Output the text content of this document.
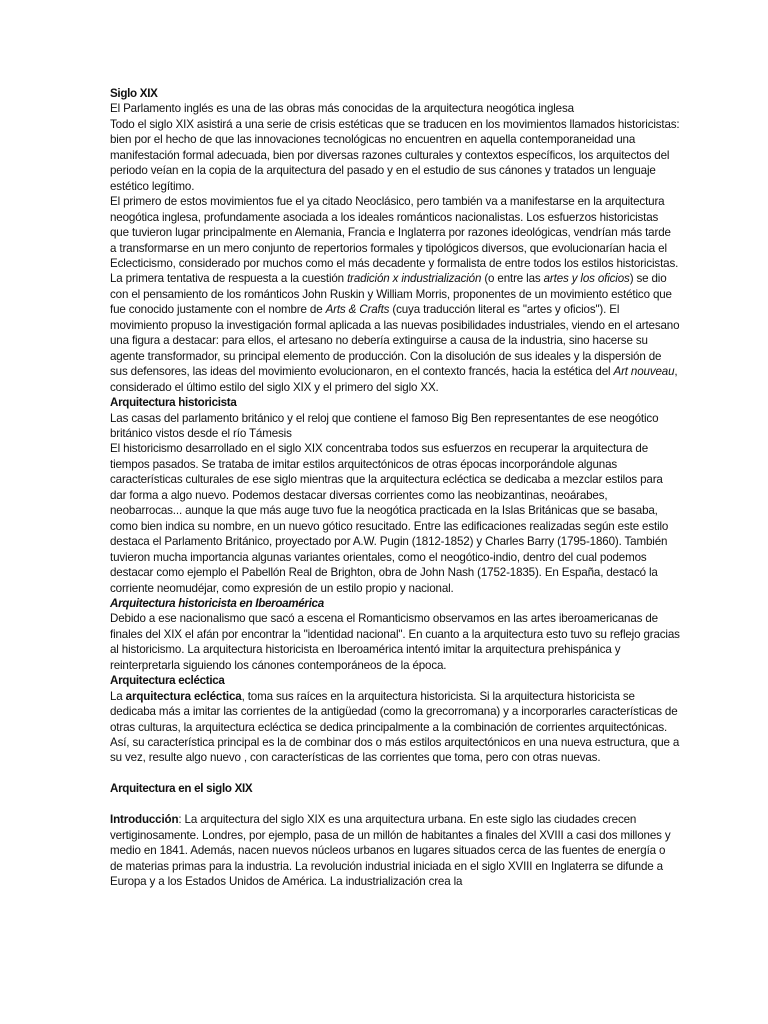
Siglo XIX

El Parlamento inglés es una de las obras más conocidas de la arquitectura neogótica inglesa

Todo el siglo XIX asistirá a una serie de crisis estéticas que se traducen en los movimientos llamados historicistas: bien por el hecho de que las innovaciones tecnológicas no encuentren en aquella contemporaneidad una manifestación formal adecuada, bien por diversas razones culturales y contextos específicos, los arquitectos del periodo veían en la copia de la arquitectura del pasado y en el estudio de sus cánones y tratados un lenguaje estético legítimo.

El primero de estos movimientos fue el ya citado Neoclásico, pero también va a manifestarse en la arquitectura neogótica inglesa, profundamente asociada a los ideales románticos nacionalistas. Los esfuerzos historicistas que tuvieron lugar principalmente en Alemania, Francia e Inglaterra por razones ideológicas, vendrían más tarde a transformarse en un mero conjunto de repertorios formales y tipológicos diversos, que evolucionarían hacia el Eclecticismo, considerado por muchos como el más decadente y formalista de entre todos los estilos historicistas.

La primera tentativa de respuesta a la cuestión tradición x industrialización (o entre las artes y los oficios) se dio con el pensamiento de los románticos John Ruskin y William Morris, proponentes de un movimiento estético que fue conocido justamente con el nombre de Arts & Crafts (cuya traducción literal es "artes y oficios"). El movimiento propuso la investigación formal aplicada a las nuevas posibilidades industriales, viendo en el artesano una figura a destacar: para ellos, el artesano no debería extinguirse a causa de la industria, sino hacerse su agente transformador, su principal elemento de producción. Con la disolución de sus ideales y la dispersión de sus defensores, las ideas del movimiento evolucionaron, en el contexto francés, hacia la estética del Art nouveau, considerado el último estilo del siglo XIX y el primero del siglo XX.

Arquitectura historicista

Las casas del parlamento británico y el reloj que contiene el famoso Big Ben representantes de ese neogótico británico vistos desde el río Támesis

El historicismo desarrollado en el siglo XIX concentraba todos sus esfuerzos en recuperar la arquitectura de tiempos pasados. Se trataba de imitar estilos arquitectónicos de otras épocas incorporándole algunas características culturales de ese siglo mientras que la arquitectura ecléctica se dedicaba a mezclar estilos para dar forma a algo nuevo. Podemos destacar diversas corrientes como las neobizantinas, neoárabes, neobarrocas... aunque la que más auge tuvo fue la neogótica practicada en la Islas Británicas que se basaba, como bien indica su nombre, en un nuevo gótico resucitado. Entre las edificaciones realizadas según este estilo destaca el Parlamento Británico, proyectado por A.W. Pugin (1812-1852) y Charles Barry (1795-1860). También tuvieron mucha importancia algunas variantes orientales, como el neogótico-indio, dentro del cual podemos destacar como ejemplo el Pabellón Real de Brighton, obra de John Nash (1752-1835). En España, destacó la corriente neomudéjar, como expresión de un estilo propio y nacional.

Arquitectura historicista en Iberoamérica

Debido a ese nacionalismo que sacó a escena el Romanticismo observamos en las artes iberoamericanas de finales del XIX el afán por encontrar la "identidad nacional". En cuanto a la arquitectura esto tuvo su reflejo gracias al historicismo. La arquitectura historicista en Iberoamérica intentó imitar la arquitectura prehispánica y reinterpretarla siguiendo los cánones contemporáneos de la época.

Arquitectura ecléctica

La arquitectura ecléctica, toma sus raíces en la arquitectura historicista. Si la arquitectura historicista se dedicaba más a imitar las corrientes de la antigüedad (como la grecorromana) y a incorporarles características de otras culturas, la arquitectura ecléctica se dedica principalmente a la combinación de corrientes arquitectónicas. Así, su característica principal es la de combinar dos o más estilos arquitectónicos en una nueva estructura, que a su vez, resulte algo nuevo , con características de las corrientes que toma, pero con otras nuevas.

Arquitectura en el siglo XIX

Introducción: La arquitectura del siglo XIX es una arquitectura urbana. En este siglo las ciudades crecen vertiginosamente. Londres, por ejemplo, pasa de un millón de habitantes a finales del XVIII a casi dos millones y medio en 1841. Además, nacen nuevos núcleos urbanos en lugares situados cerca de las fuentes de energía o de materias primas para la industria. La revolución industrial iniciada en el siglo XVIII en Inglaterra se difunde a Europa y a los Estados Unidos de América. La industrialización crea la
